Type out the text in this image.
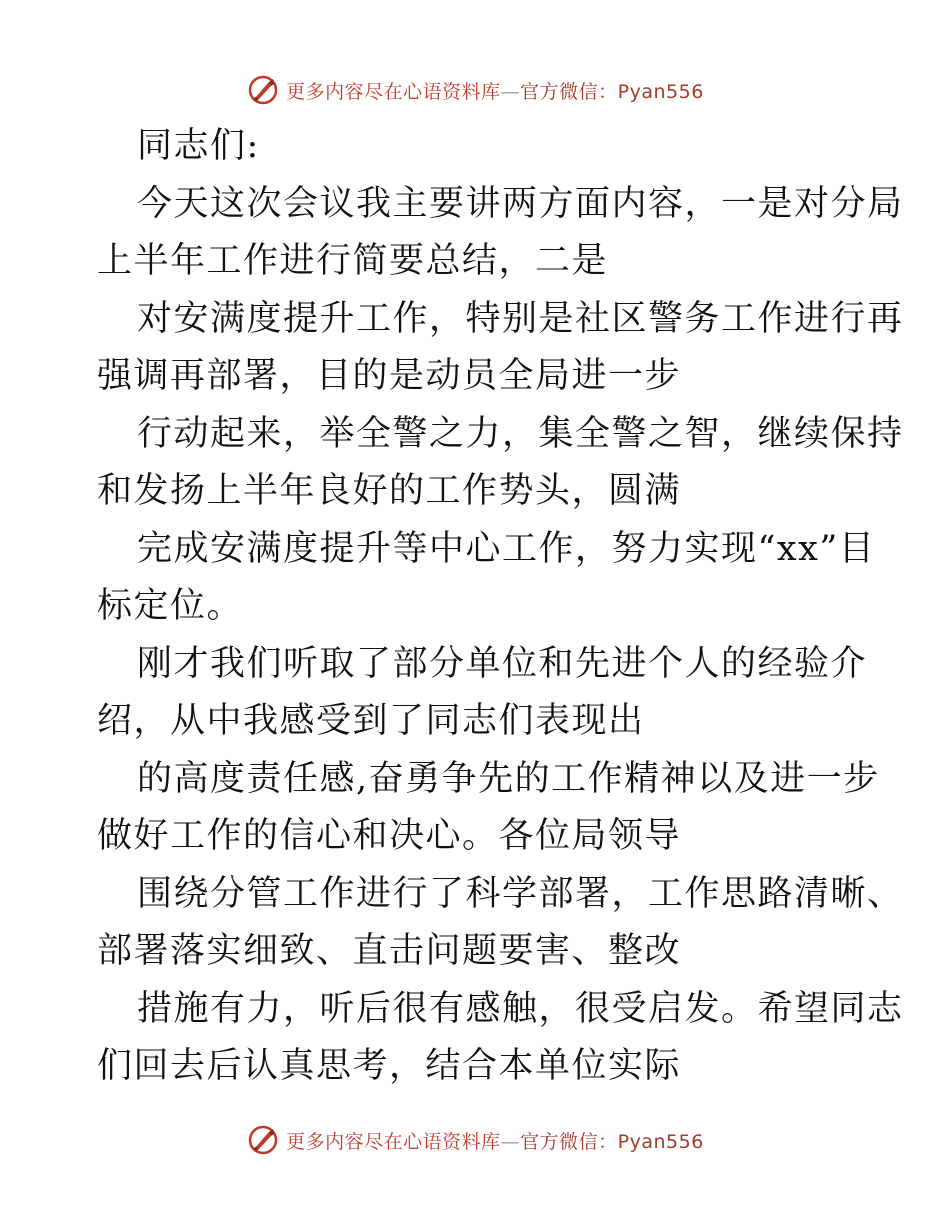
更多内容尽在心语资料库—官方微信：Pyan556
同志们:
今天这次会议我主要讲两方面内容，一是对分局
上半年工作进行简要总结，二是
对安满度提升工作，特别是社区警务工作进行再
强调再部署，目的是动员全局进一步
行动起来，举全警之力，集全警之智，继续保持
和发扬上半年良好的工作势头，圆满
完成安满度提升等中心工作，努力实现“xx”目
标定位。
刚才我们听取了部分单位和先进个人的经验介
绍，从中我感受到了同志们表现出
的高度责任感,奋勇争先的工作精神以及进一步
做好工作的信心和决心。各位局领导
围绕分管工作进行了科学部署，工作思路清晰、
部署落实细致、直击问题要害、整改
措施有力，听后很有感触，很受启发。希望同志
们回去后认真思考，结合本单位实际
更多内容尽在心语资料库—官方微信：Pyan556
